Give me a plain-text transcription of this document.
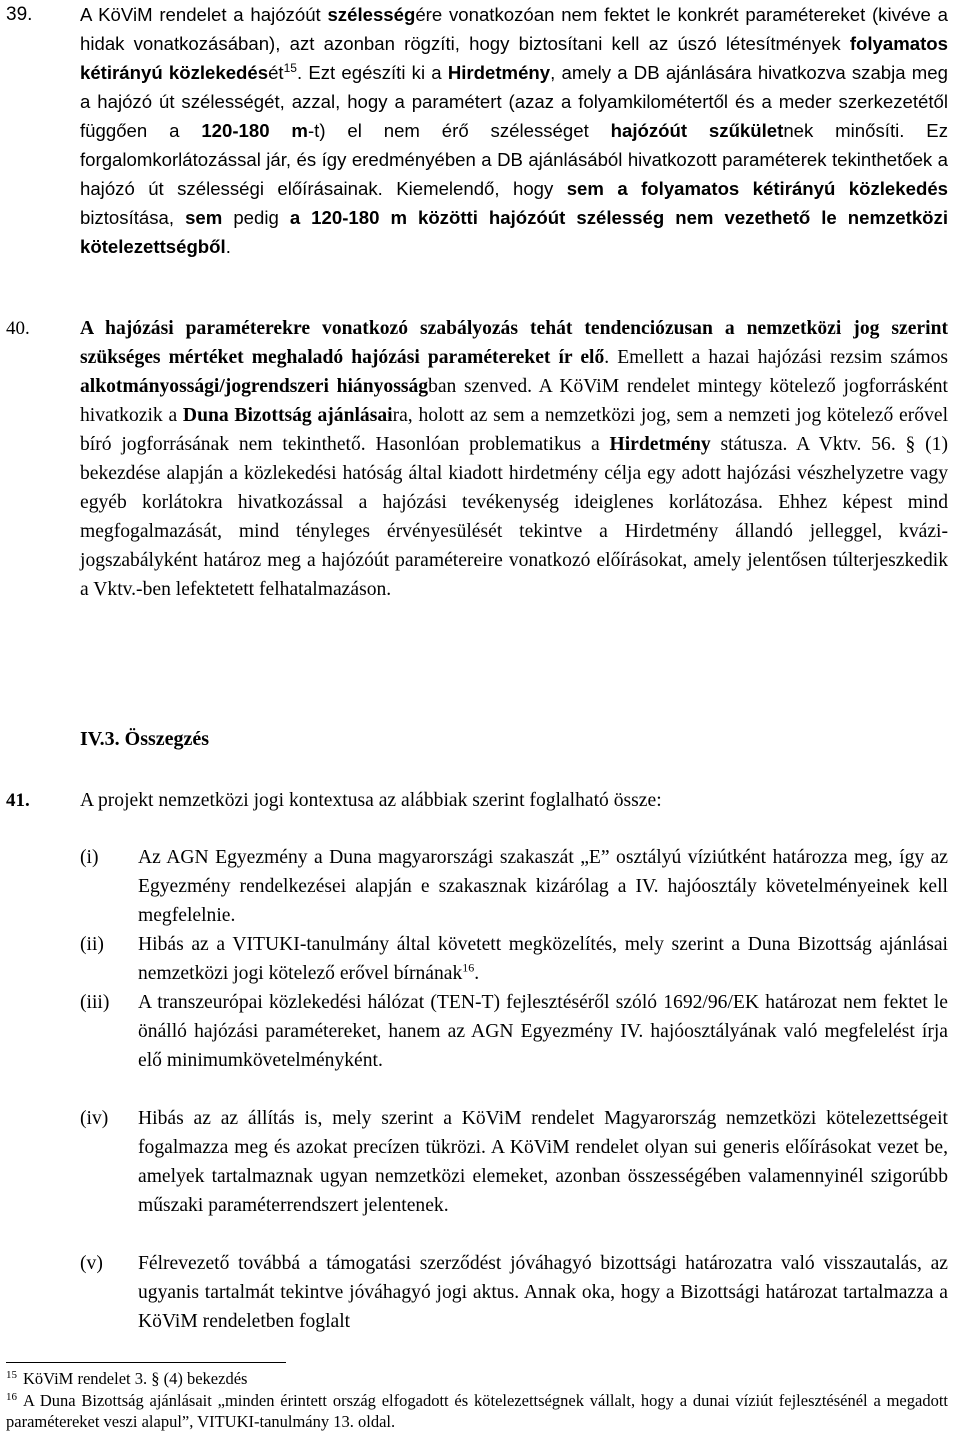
39.	A KöViM rendelet a hajózóút szélességére vonatkozóan nem fektet le konkrét paramétereket (kivéve a hidak vonatkozásában), azt azonban rögzíti, hogy biztosítani kell az úszó létesítmények folyamatos kétirányú közlekedését$^{15}$. Ezt egészíti ki a Hirdetmény, amely a DB ajánlására hivatkozva szabja meg a hajózó út szélességét, azzal, hogy a paramétert (azaz a folyamkilométertől és a meder szerkezetétől függően a 120-180 m-t) el nem érő szélességet hajózóút szűkületnek minősíti. Ez forgalomkorlátozással jár, és így eredményében a DB ajánlásából hivatkozott paraméterek tekinthetőek a hajózó út szélességi előírásainak. Kiemelendő, hogy sem a folyamatos kétirányú közlekedés biztosítása, sem pedig a 120-180 m közötti hajózóút szélesség nem vezethető le nemzetközi kötelezettségből.

40.	A hajózási paraméterekre vonatkozó szabályozás tehát tendenciózusan a nemzetközi jog szerint szükséges mértéket meghaladó hajózási paramétereket ír elő. Emellett a hazai hajózási rezsim számos alkotmányossági/jogrendszeri hiányosságban szenved. A KöViM rendelet mintegy kötelező jogforrásként hivatkozik a Duna Bizottság ajánlásaira, holott az sem a nemzetközi jog, sem a nemzeti jog kötelező erővel bíró jogforrásának nem tekinthető. Hasonlóan problematikus a Hirdetmény státusza. A Vktv. 56. § (1) bekezdése alapján a közlekedési hatóság által kiadott hirdetmény célja egy adott hajózási vészhelyzetre vagy egyéb korlátokra hivatkozással a hajózási tevékenység ideiglenes korlátozása. Ehhez képest mind megfogalmazását, mind tényleges érvényesülését tekintve a Hirdetmény állandó jelleggel, kvázi-jogszabályként határoz meg a hajózóút paramétereire vonatkozó előírásokat, amely jelentősen túlterjeszkedik a Vktv.-ben lefektetett felhatalmazáson.

IV.3. Összegzés
41.	A projekt nemzetközi jogi kontextusa az alábbiak szerint foglalható össze:

(i) Az AGN Egyezmény a Duna magyarországi szakaszát „E” osztályú víziútként határozza meg, így az Egyezmény rendelkezései alapján e szakasznak kizárólag a IV. hajóosztály követelményeinek kell megfelelnie.

(ii) Hibás az a VITUKI-tanulmány által követett megközelítés, mely szerint a Duna Bizottság ajánlásai nemzetközi jogi kötelező erővel bírnának$^{16}$.

(iii) A transzeurópai közlekedési hálózat (TEN-T) fejlesztéséről szóló 1692/96/EK határozat nem fektet le önálló hajózási paramétereket, hanem az AGN Egyezmény IV. hajóosztályának való megfelelést írja elő minimumkövetelményként.

(iv) Hibás az az állítás is, mely szerint a KöViM rendelet Magyarország nemzetközi kötelezettségeit fogalmazza meg és azokat precízen tükrözi. A KöViM rendelet olyan sui generis előírásokat vezet be, amelyek tartalmaznak ugyan nemzetközi elemeket, azonban összességében valamennyinél szigorúbb műszaki paraméterrendszert jelentenek.

(v) Félrevezető továbbá a támogatási szerződést jóváhagyó bizottsági határozatra való visszautalás, az ugyanis tartalmát tekintve jóváhagyó jogi aktus. Annak oka, hogy a Bizottsági határozat tartalmazza a KöViM rendeletben foglalt

$^{15}$ KöViM rendelet 3. § (4) bekezdés

$^{16}$ A Duna Bizottság ajánlásait „minden érintett ország elfogadott és kötelezettségnek vállalt, hogy a dunai víziút fejlesztésénél a megadott paramétereket veszi alapul”, VITUKI-tanulmány 13. oldal.
